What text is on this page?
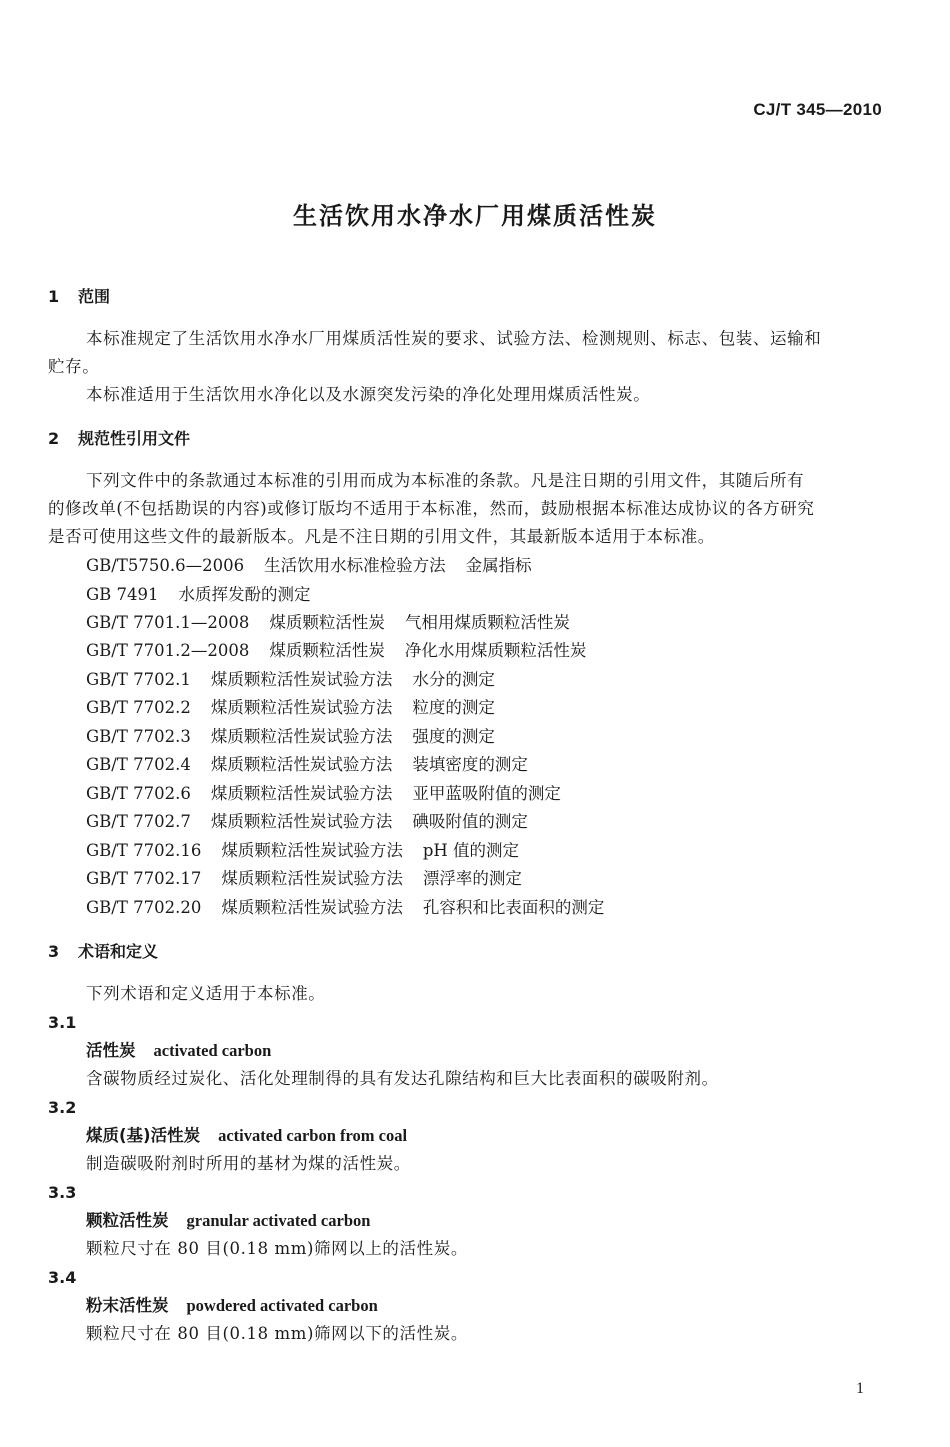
CJ/T 345—2010
生活饮用水净水厂用煤质活性炭
1 范围
本标准规定了生活饮用水净水厂用煤质活性炭的要求、试验方法、检测规则、标志、包装、运输和
贮存。
本标准适用于生活饮用水净化以及水源突发污染的净化处理用煤质活性炭。
2 规范性引用文件
下列文件中的条款通过本标准的引用而成为本标准的条款。凡是注日期的引用文件，其随后所有
的修改单(不包括勘误的内容)或修订版均不适用于本标准，然而，鼓励根据本标准达成协议的各方研究
是否可使用这些文件的最新版本。凡是不注日期的引用文件，其最新版本适用于本标准。
GB/T5750.6—2006 生活饮用水标准检验方法 金属指标
GB 7491 水质挥发酚的测定
GB/T 7701.1—2008 煤质颗粒活性炭 气相用煤质颗粒活性炭
GB/T 7701.2—2008 煤质颗粒活性炭 净化水用煤质颗粒活性炭
GB/T 7702.1 煤质颗粒活性炭试验方法 水分的测定
GB/T 7702.2 煤质颗粒活性炭试验方法 粒度的测定
GB/T 7702.3 煤质颗粒活性炭试验方法 强度的测定
GB/T 7702.4 煤质颗粒活性炭试验方法 装填密度的测定
GB/T 7702.6 煤质颗粒活性炭试验方法 亚甲蓝吸附值的测定
GB/T 7702.7 煤质颗粒活性炭试验方法 碘吸附值的测定
GB/T 7702.16 煤质颗粒活性炭试验方法 pH 值的测定
GB/T 7702.17 煤质颗粒活性炭试验方法 漂浮率的测定
GB/T 7702.20 煤质颗粒活性炭试验方法 孔容积和比表面积的测定
3 术语和定义
下列术语和定义适用于本标准。
3.1
活性炭 activated carbon
含碳物质经过炭化、活化处理制得的具有发达孔隙结构和巨大比表面积的碳吸附剂。
3.2
煤质(基)活性炭 activated carbon from coal
制造碳吸附剂时所用的基材为煤的活性炭。
3.3
颗粒活性炭 granular activated carbon
颗粒尺寸在 80 目(0.18 mm)筛网以上的活性炭。
3.4
粉末活性炭 powdered activated carbon
颗粒尺寸在 80 目(0.18 mm)筛网以下的活性炭。
1
